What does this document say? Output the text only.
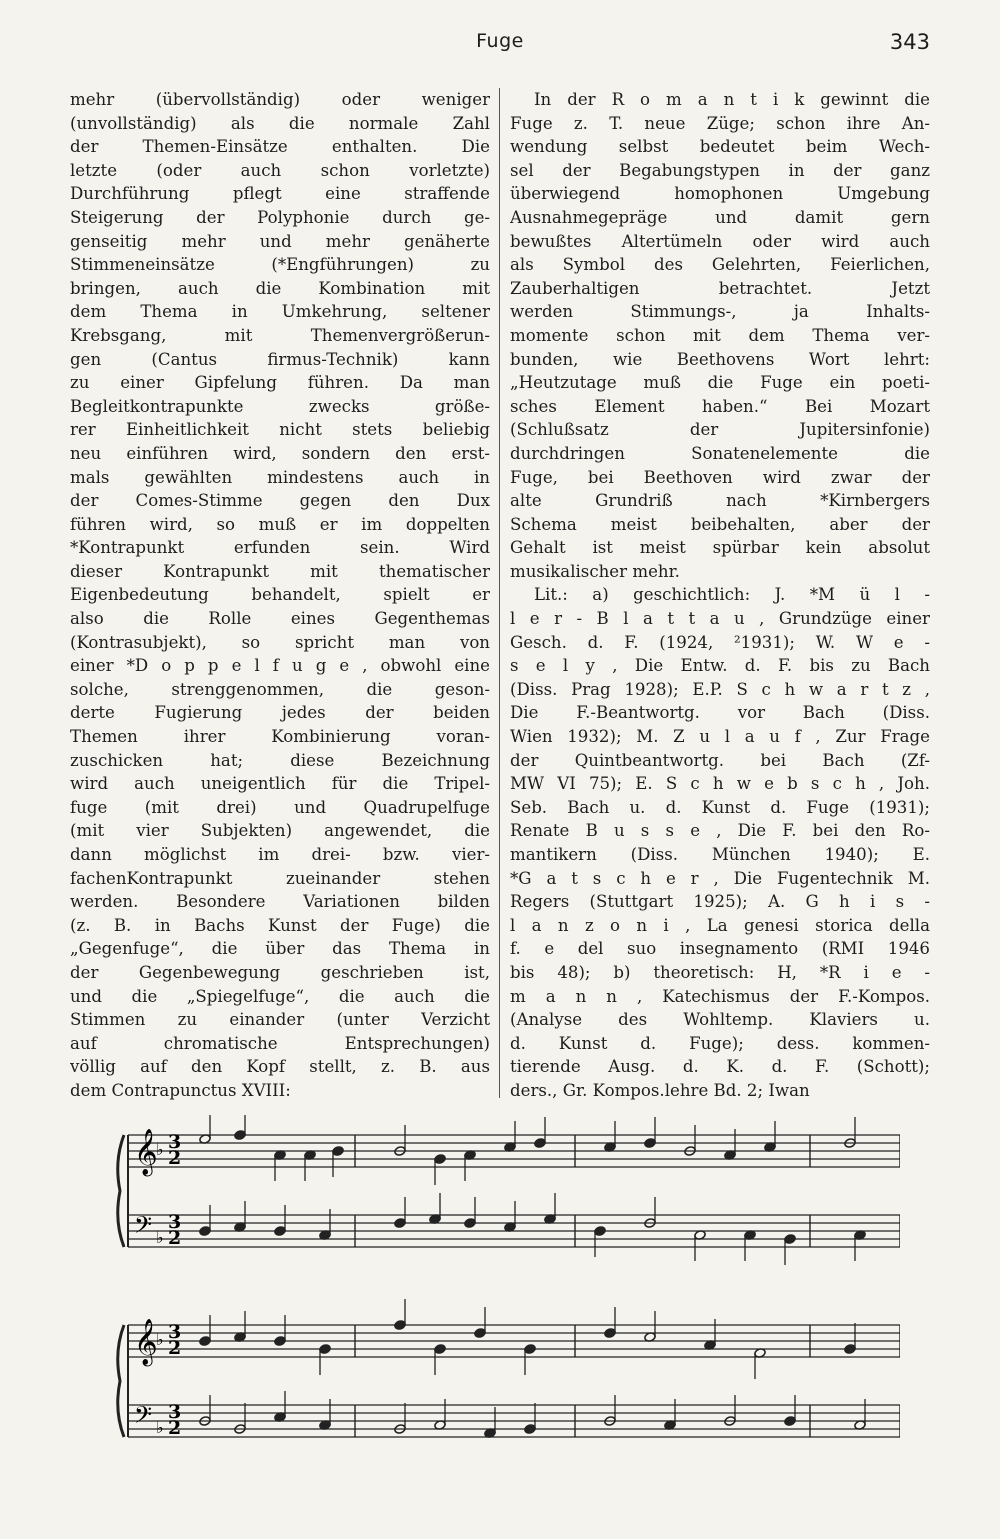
Fuge	343
mehr (übervollständig) oder weniger
(unvollständig) als die normale Zahl
der Themen-Einsätze enthalten. Die
letzte (oder auch schon vorletzte)
Durchführung pflegt eine straffende
Steigerung der Polyphonie durch ge-
genseitig mehr und mehr genäherte
Stimmeneinsätze (*Engführungen) zu
bringen, auch die Kombination mit
dem Thema in Umkehrung, seltener
Krebsgang, mit Themenvergrößerun-
gen (Cantus firmus-Technik) kann
zu einer Gipfelung führen. Da man
Begleitkontrapunkte zwecks größe-
rer Einheitlichkeit nicht stets beliebig
neu einführen wird, sondern den erst-
mals gewählten mindestens auch in
der Comes-Stimme gegen den Dux
führen wird, so muß er im doppelten
*Kontrapunkt erfunden sein. Wird
dieser Kontrapunkt mit thematischer
Eigenbedeutung behandelt, spielt er
also die Rolle eines Gegenthemas
(Kontrasubjekt), so spricht man von
einer *D o p p e l f u g e , obwohl eine
solche, strenggenommen, die geson-
derte Fugierung jedes der beiden
Themen ihrer Kombinierung voran-
zuschicken hat; diese Bezeichnung
wird auch uneigentlich für die Tripel-
fuge (mit drei) und Quadrupelfuge
(mit vier Subjekten) angewendet, die
dann möglichst im drei- bzw. vier-
fachenKontrapunkt zueinander stehen
werden. Besondere Variationen bilden
(z. B. in Bachs Kunst der Fuge) die
„Gegenfuge“, die über das Thema in
der Gegenbewegung geschrieben ist,
und die „Spiegelfuge“, die auch die
Stimmen zu einander (unter Verzicht
auf chromatische Entsprechungen)
völlig auf den Kopf stellt, z. B. aus
dem Contrapunctus XVIII:
In der R o m a n t i k gewinnt die
Fuge z. T. neue Züge; schon ihre An-
wendung selbst bedeutet beim Wech-
sel der Begabungstypen in der ganz
überwiegend homophonen Umgebung
Ausnahmegepräge und damit gern
bewußtes Altertümeln oder wird auch
als Symbol des Gelehrten, Feierlichen,
Zauberhaltigen betrachtet. Jetzt
werden Stimmungs-, ja Inhalts-
momente schon mit dem Thema ver-
bunden, wie Beethovens Wort lehrt:
„Heutzutage muß die Fuge ein poeti-
sches Element haben.“ Bei Mozart
(Schlußsatz der Jupitersinfonie)
durchdringen Sonatenelemente die
Fuge, bei Beethoven wird zwar der
alte Grundriß nach *Kirnbergers
Schema meist beibehalten, aber der
Gehalt ist meist spürbar kein absolut
musikalischer mehr.
Lit.: a) geschichtlich: J. *M ü l -
l e r - B l a t t a u , Grundzüge einer
Gesch. d. F. (1924, ²1931); W. W e -
s e l y , Die Entw. d. F. bis zu Bach
(Diss. Prag 1928); E.P. S c h w a r t z ,
Die F.-Beantwortg. vor Bach (Diss.
Wien 1932); M. Z u l a u f , Zur Frage
der Quintbeantwortg. bei Bach (Zf-
MW VI 75); E. S c h w e b s c h , Joh.
Seb. Bach u. d. Kunst d. Fuge (1931);
Renate B u s s e , Die F. bei den Ro-
mantikern (Diss. München 1940); E.
*G a t s c h e r , Die Fugentechnik M.
Regers (Stuttgart 1925); A. G h i s -
l a n z o n i , La genesi storica della
f. e del suo insegnamento (RMI 1946
bis 48); b) theoretisch: H, *R i e -
m a n n , Katechismus der F.-Kompos.
(Analyse des Wohltemp. Klaviers u.
d. Kunst d. Fuge); dess. kommen-
tierende Ausg. d. K. d. F. (Schott);
ders., Gr. Kompos.lehre Bd. 2; Iwan
𝄞
♭
𝄢 ♭
𝄞
♭
𝄢 ♭
3
2
3
2
3
2
3
2
